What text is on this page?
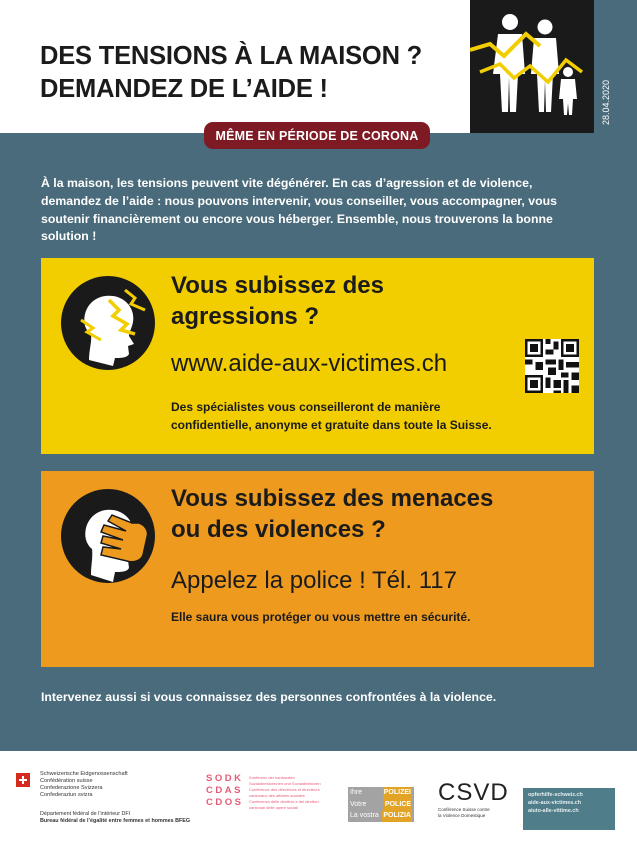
DES TENSIONS À LA MAISON ?
DEMANDEZ DE L’AIDE !	28.04.2020
MÊME EN PÉRIODE DE CORONA
À la maison, les tensions peuvent vite dégénérer. En cas d’agression et de violence, demandez de l’aide : nous pouvons intervenir, vous conseiller, vous accompagner, vous soutenir financièrement ou encore vous héberger. Ensemble, nous trouverons la bonne solution !
Vous subissez des
agressions ?
www.aide-aux-victimes.ch
Des spécialistes vous conseilleront de manière
confidentielle, anonyme et gratuite dans toute la Suisse.
Vous subissez des menaces
ou des violences ?
Appelez la police ! Tél. 117
Elle saura vous protéger ou vous mettre en sécurité.
Intervenez aussi si vous connaissez des personnes confrontées à la violence.
Schweizerische Eidgenossenschaft
Confédération suisse
Confederazione Svizzera
Confederaziun svizra
Département fédéral de l’intérieur DFI
Bureau fédéral de l’égalité entre femmes et hommes BFEG
SODK
CDAS
CDOS
Konferenz der kantonalen
Sozialdirektorinnen und Sozialdirektoren
Conférence des directrices et directeurs
cantonaux des affaires sociales
Conferenza delle direttrici e dei direttori
cantonali delle opere sociali
Ihre	POLIZEI
Votre	POLICE
La vostra POLIZIA
CSVD
Conférence Suisse contre
la Violence Domestique
opferhilfe-schweiz.ch
aide-aux-victimes.ch
aiuto-alle-vittime.ch
